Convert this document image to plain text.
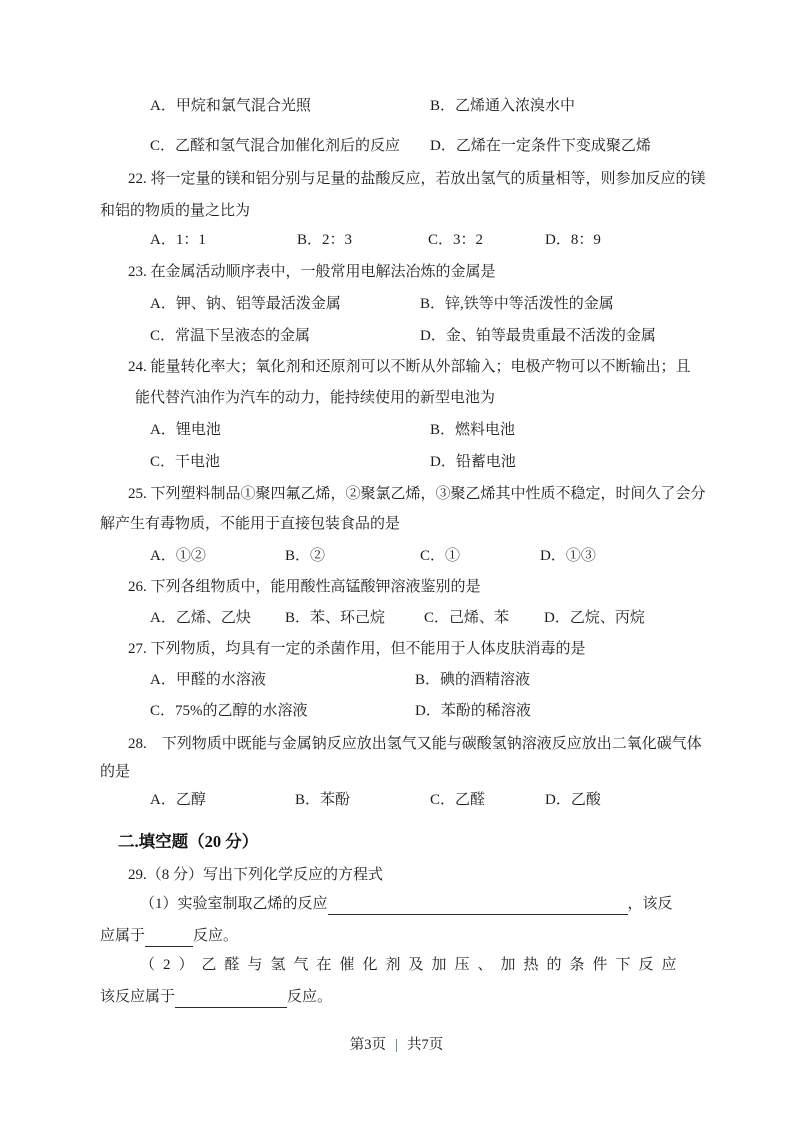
A．甲烷和氯气混合光照	B．乙烯通入浓溴水中
C．乙醛和氢气混合加催化剂后的反应 D．乙烯在一定条件下变成聚乙烯
22. 将一定量的镁和铝分别与足量的盐酸反应，若放出氢气的质量相等，则参加反应的镁
和铝的物质的量之比为
A．1：1	B．2：3	C．3：2	D．8：9
23. 在金属活动顺序表中，一般常用电解法冶炼的金属是
A．钾、钠、铝等最活泼金属	B．锌,铁等中等活泼性的金属
C．常温下呈液态的金属	D．金、铂等最贵重最不活泼的金属
24. 能量转化率大；氧化剂和还原剂可以不断从外部输入；电极产物可以不断输出；且
能代替汽油作为汽车的动力，能持续使用的新型电池为
A．锂电池	B．燃料电池
C．干电池	D．铅蓄电池
25. 下列塑料制品①聚四氟乙烯，②聚氯乙烯，③聚乙烯其中性质不稳定，时间久了会分
解产生有毒物质，不能用于直接包装食品的是
A．①②	B．②	C．①	D．①③
26. 下列各组物质中，能用酸性高锰酸钾溶液鉴别的是
A．乙烯、乙炔 B．苯、环己烷	C．己烯、苯 D．乙烷、丙烷
27. 下列物质，均具有一定的杀菌作用，但不能用于人体皮肤消毒的是
A．甲醛的水溶液	B．碘的酒精溶液
C．75%的乙醇的水溶液	D．苯酚的稀溶液
28.　下列物质中既能与金属钠反应放出氢气又能与碳酸氢钠溶液反应放出二氧化碳气体
的是
A．乙醇	B．苯酚	C．乙醛	D．乙酸
二.填空题（20 分）
29.（8 分）写出下列化学反应的方程式
（1）实验室制取乙烯的反应	，该反
应属于	反应。
（2）乙醛与氢气在催化剂及加压、加热的条件下反应
该反应属于	反应。
第3页 | 共7页
